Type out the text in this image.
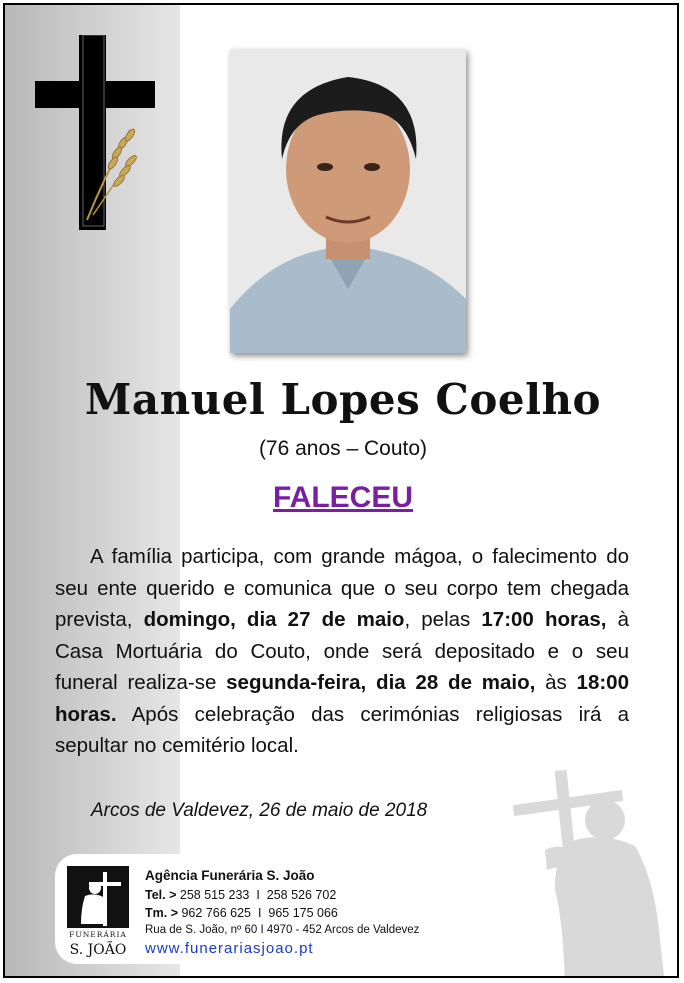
Manuel Lopes Coelho
(76 anos – Couto)
FALECEU
A família participa, com grande mágoa, o falecimento do seu ente querido e comunica que o seu corpo tem chegada prevista, domingo, dia 27 de maio, pelas 17:00 horas, à Casa Mortuária do Couto, onde será depositado e o seu funeral realiza-se segunda-feira, dia 28 de maio, às 18:00 horas. Após celebração das cerimónias religiosas irá a sepultar no cemitério local.
Arcos de Valdevez, 26 de maio de 2018
FUNERÁRIA
S. JOÃO
Agência Funerária S. João
Tel. > 258 515 233  I  258 526 702
Tm. > 962 766 625  I  965 175 066
Rua de S. João, nº 60 I 4970 - 452 Arcos de Valdevez
www.funerariasjoao.pt
